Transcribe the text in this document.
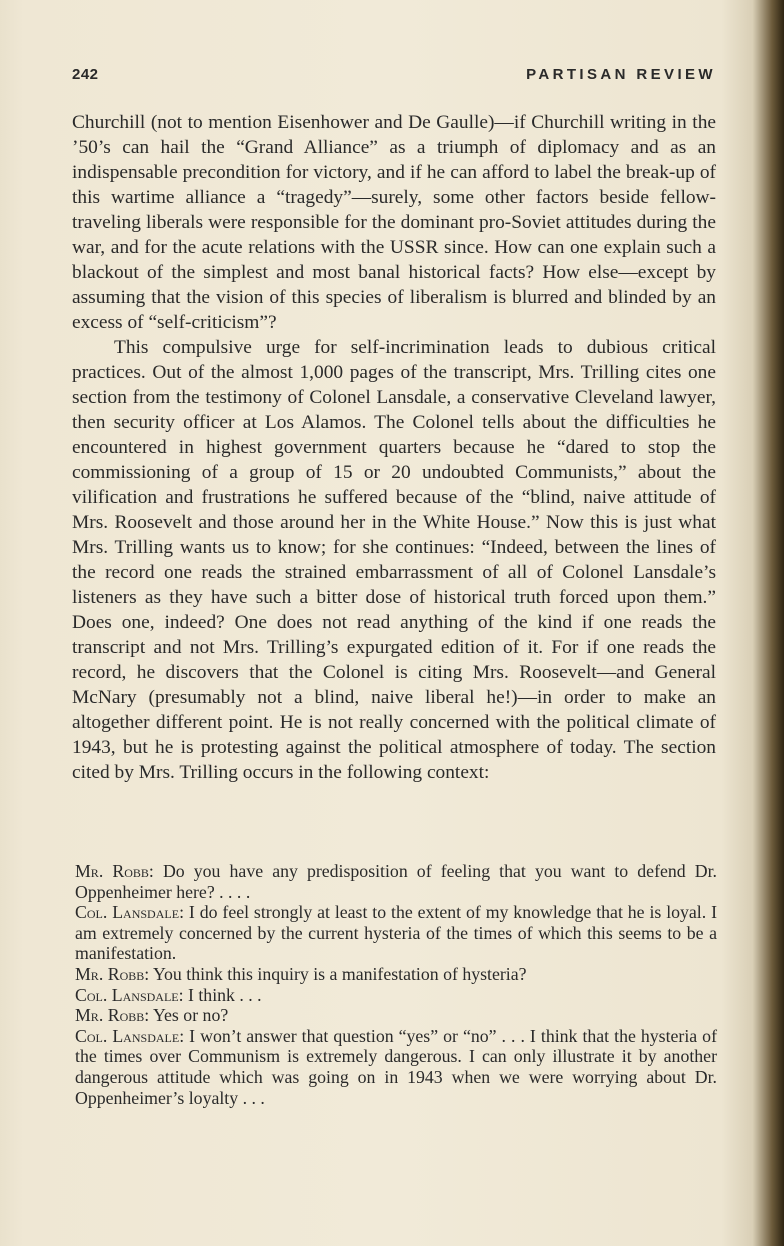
242	PARTISAN REVIEW

Churchill (not to mention Eisenhower and De Gaulle)—if Churchill writing in the ’50’s can hail the “Grand Alliance” as a triumph of diplomacy and as an indispensable precondition for victory, and if he can afford to label the break-up of this wartime alliance a “tragedy”—surely, some other factors beside fellow-traveling liberals were responsible for the dominant pro-Soviet attitudes during the war, and for the acute relations with the USSR since. How can one explain such a blackout of the simplest and most banal historical facts? How else—except by assuming that the vision of this species of liberalism is blurred and blinded by an excess of “self-criticism”?

This compulsive urge for self-incrimination leads to dubious critical practices. Out of the almost 1,000 pages of the transcript, Mrs. Trilling cites one section from the testimony of Colonel Lansdale, a conservative Cleveland lawyer, then security officer at Los Alamos. The Colonel tells about the difficulties he encountered in highest government quarters because he “dared to stop the commissioning of a group of 15 or 20 undoubted Communists,” about the vilification and frustrations he suffered because of the “blind, naive attitude of Mrs. Roosevelt and those around her in the White House.” Now this is just what Mrs. Trilling wants us to know; for she continues: “Indeed, between the lines of the record one reads the strained embarrassment of all of Colonel Lansdale’s listeners as they have such a bitter dose of historical truth forced upon them.” Does one, indeed? One does not read anything of the kind if one reads the transcript and not Mrs. Trilling’s expurgated edition of it. For if one reads the record, he discovers that the Colonel is citing Mrs. Roosevelt—and General McNary (presumably not a blind, naive liberal he!)—in order to make an altogether different point. He is not really concerned with the political climate of 1943, but he is protesting against the political atmosphere of today. The section cited by Mrs. Trilling occurs in the following context:

Mr. Robb: Do you have any predisposition of feeling that you want to defend Dr. Oppenheimer here? . . . .

Col. Lansdale: I do feel strongly at least to the extent of my knowledge that he is loyal. I am extremely concerned by the current hysteria of the times of which this seems to be a manifestation.

Mr. Robb: You think this inquiry is a manifestation of hysteria?

Col. Lansdale: I think . . .

Mr. Robb: Yes or no?

Col. Lansdale: I won’t answer that question “yes” or “no” . . . I think that the hysteria of the times over Communism is extremely dangerous. I can only illustrate it by another dangerous attitude which was going on in 1943 when we were worrying about Dr. Oppenheimer’s loyalty . . .
